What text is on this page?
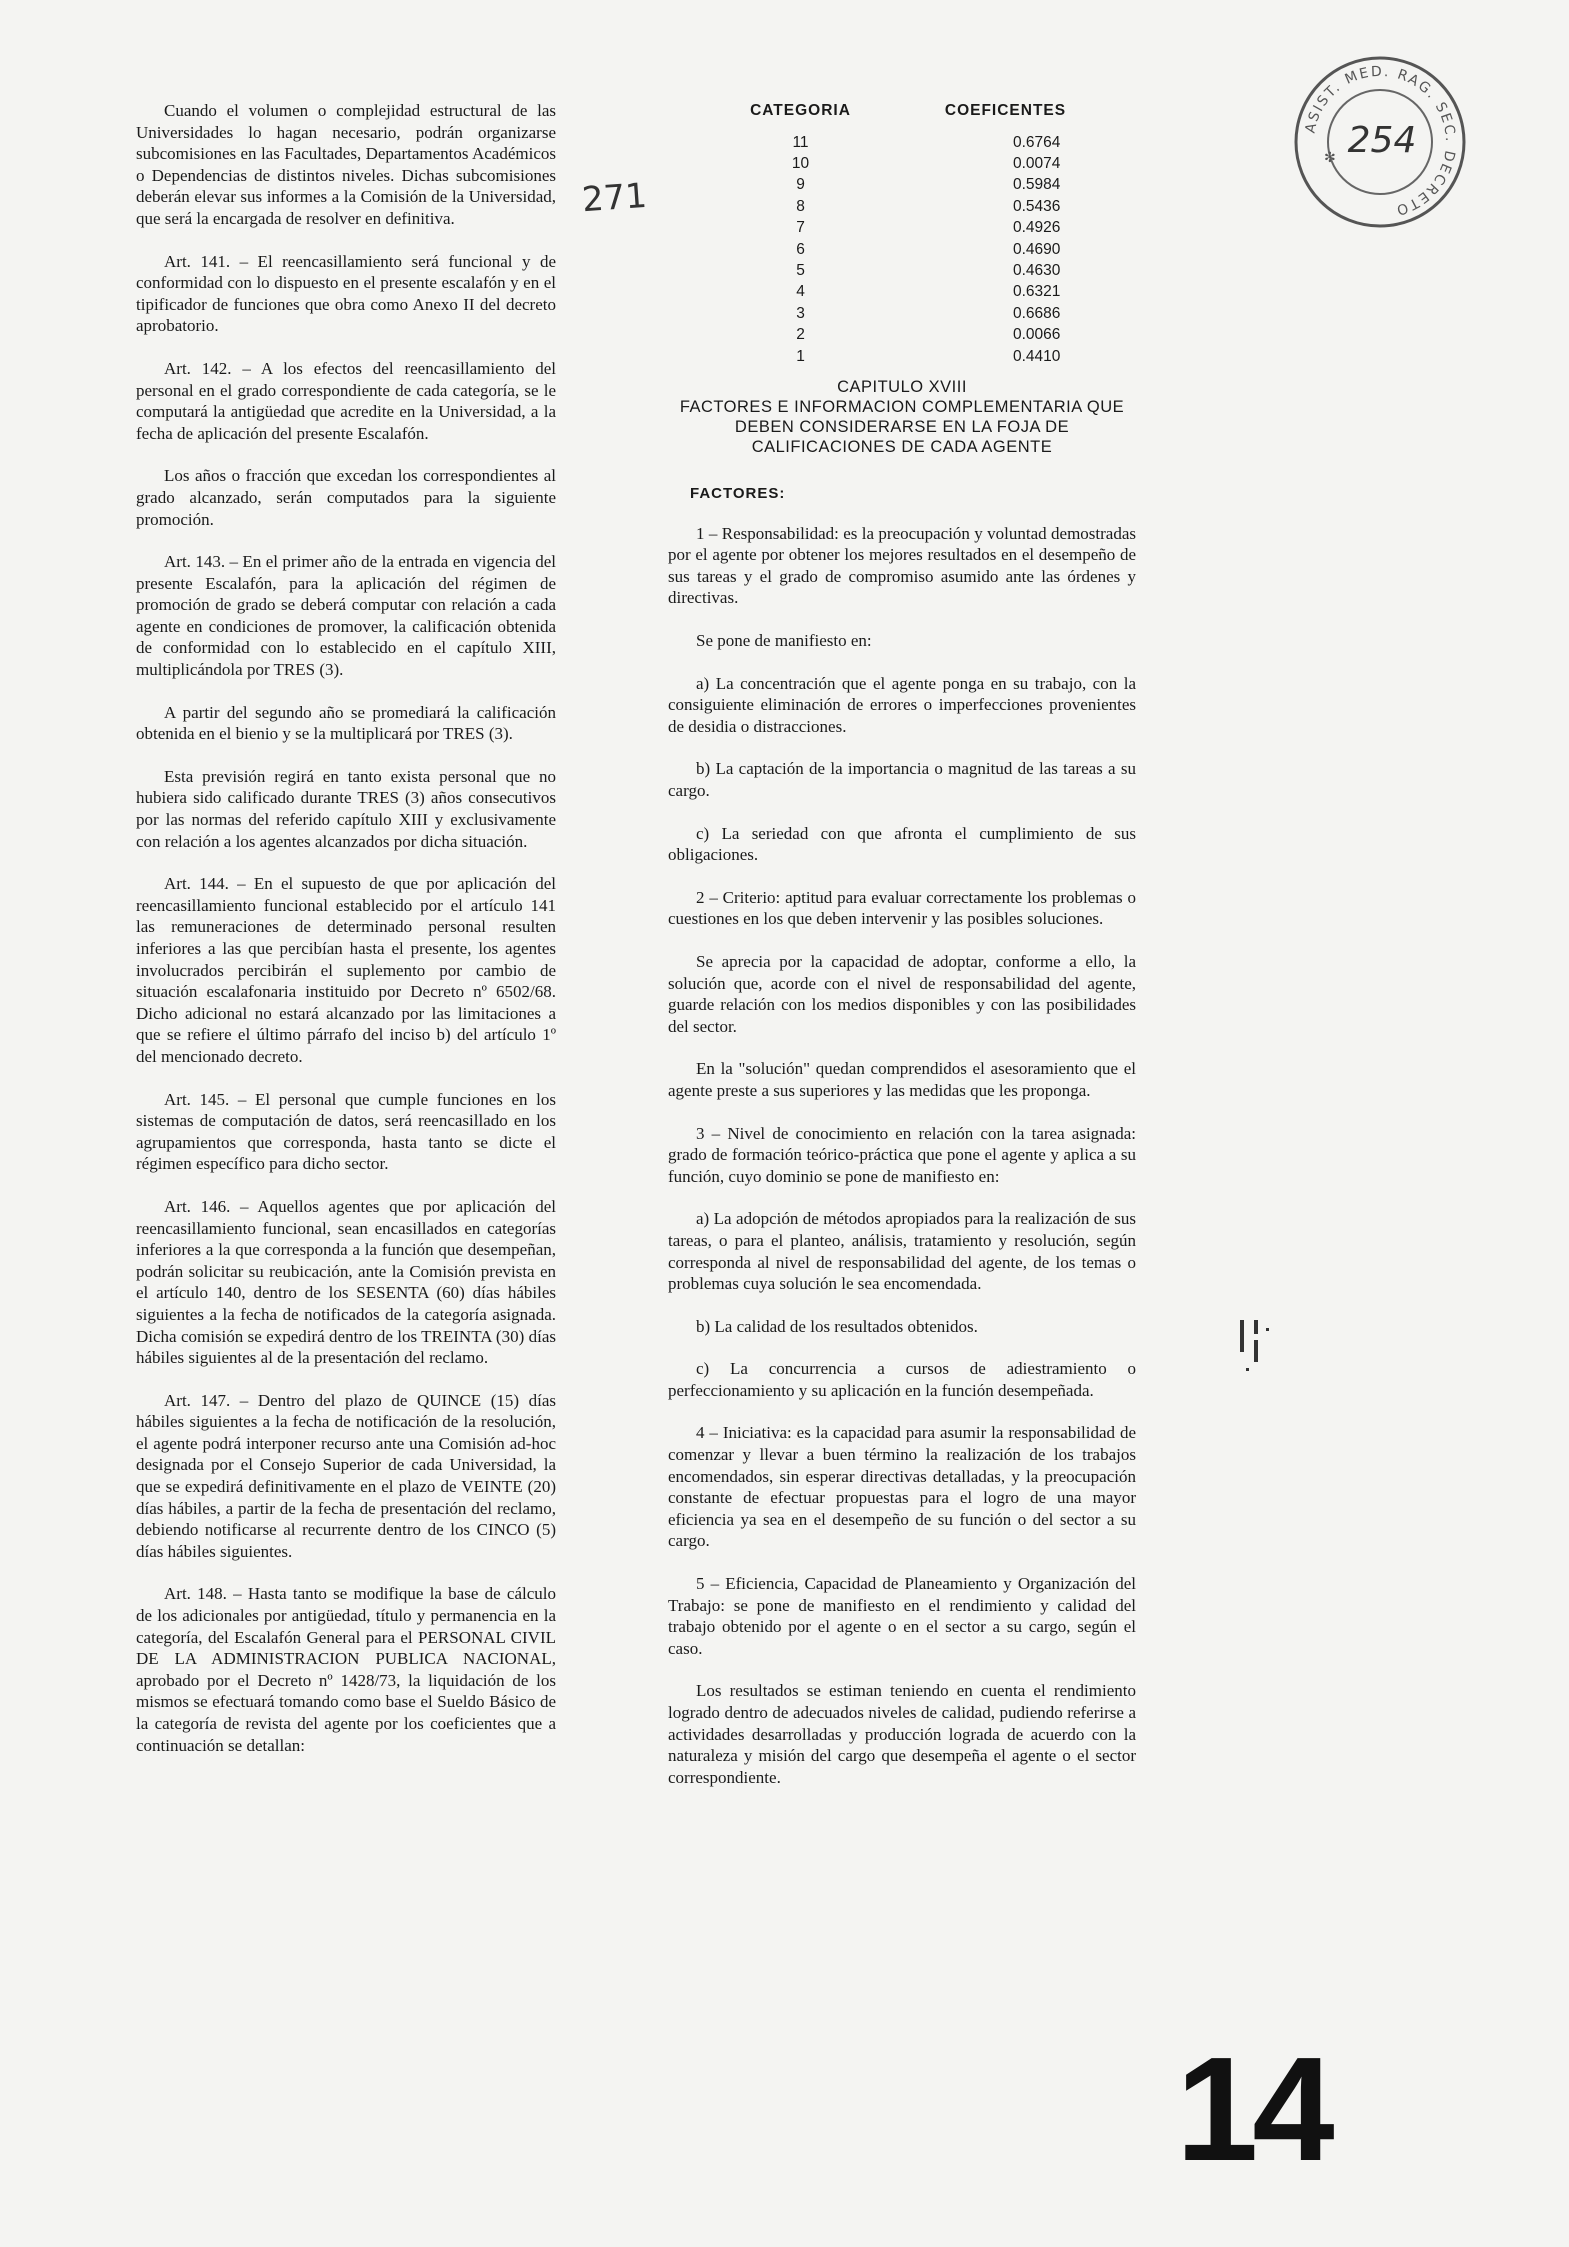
Cuando el volumen o complejidad estructural de las Universidades lo hagan necesario, podrán organizarse subcomisiones en las Facultades, Departamentos Académicos o Dependencias de distintos niveles. Dichas subcomisiones deberán elevar sus informes a la Comisión de la Universidad, que será la encargada de resolver en definitiva.

Art. 141. – El reencasillamiento será funcional y de conformidad con lo dispuesto en el presente escalafón y en el tipificador de funciones que obra como Anexo II del decreto aprobatorio.

Art. 142. – A los efectos del reencasillamiento del personal en el grado correspondiente de cada categoría, se le computará la antigüedad que acredite en la Universidad, a la fecha de aplicación del presente Escalafón.

Los años o fracción que excedan los correspondientes al grado alcanzado, serán computados para la siguiente promoción.

Art. 143. – En el primer año de la entrada en vigencia del presente Escalafón, para la aplicación del régimen de promoción de grado se deberá computar con relación a cada agente en condiciones de promover, la calificación obtenida de conformidad con lo establecido en el capítulo XIII, multiplicándola por TRES (3).

A partir del segundo año se promediará la calificación obtenida en el bienio y se la multiplicará por TRES (3).

Esta previsión regirá en tanto exista personal que no hubiera sido calificado durante TRES (3) años consecutivos por las normas del referido capítulo XIII y exclusivamente con relación a los agentes alcanzados por dicha situación.

Art. 144. – En el supuesto de que por aplicación del reencasillamiento funcional establecido por el artículo 141 las remuneraciones de determinado personal resulten inferiores a las que percibían hasta el presente, los agentes involucrados percibirán el suplemento por cambio de situación escalafonaria instituido por Decreto nº 6502/68. Dicho adicional no estará alcanzado por las limitaciones a que se refiere el último párrafo del inciso b) del artículo 1º del mencionado decreto.

Art. 145. – El personal que cumple funciones en los sistemas de computación de datos, será reencasillado en los agrupamientos que corresponda, hasta tanto se dicte el régimen específico para dicho sector.

Art. 146. – Aquellos agentes que por aplicación del reencasillamiento funcional, sean encasillados en categorías inferiores a la que corresponda a la función que desempeñan, podrán solicitar su reubicación, ante la Comisión prevista en el artículo 140, dentro de los SESENTA (60) días hábiles siguientes a la fecha de notificados de la categoría asignada. Dicha comisión se expedirá dentro de los TREINTA (30) días hábiles siguientes al de la presentación del reclamo.

Art. 147. – Dentro del plazo de QUINCE (15) días hábiles siguientes a la fecha de notificación de la resolución, el agente podrá interponer recurso ante una Comisión ad-hoc designada por el Consejo Superior de cada Universidad, la que se expedirá definitivamente en el plazo de VEINTE (20) días hábiles, a partir de la fecha de presentación del reclamo, debiendo notificarse al recurrente dentro de los CINCO (5) días hábiles siguientes.

Art. 148. – Hasta tanto se modifique la base de cálculo de los adicionales por antigüedad, título y permanencia en la categoría, del Escalafón General para el PERSONAL CIVIL DE LA ADMINISTRACION PUBLICA NACIONAL, aprobado por el Decreto nº 1428/73, la liquidación de los mismos se efectuará tomando como base el Sueldo Básico de la categoría de revista del agente por los coeficientes que a continuación se detallan:

CATEGORIA	COEFICENTES
11	0.6764
10	0.0074
9	0.5984
8	0.5436
7	0.4926
6	0.4690
5	0.4630
4	0.6321
3	0.6686
2	0.0066
1	0.4410
CAPITULO XVIII
FACTORES E INFORMACION COMPLEMENTARIA QUE DEBEN CONSIDERARSE EN LA FOJA DE CALIFICACIONES DE CADA AGENTE
FACTORES:

1 – Responsabilidad: es la preocupación y voluntad demostradas por el agente por obtener los mejores resultados en el desempeño de sus tareas y el grado de compromiso asumido ante las órdenes y directivas.

Se pone de manifiesto en:

a) La concentración que el agente ponga en su trabajo, con la consiguiente eliminación de errores o imperfecciones provenientes de desidia o distracciones.

b) La captación de la importancia o magnitud de las tareas a su cargo.

c) La seriedad con que afronta el cumplimiento de sus obligaciones.

2 – Criterio: aptitud para evaluar correctamente los problemas o cuestiones en los que deben intervenir y las posibles soluciones.

Se aprecia por la capacidad de adoptar, conforme a ello, la solución que, acorde con el nivel de responsabilidad del agente, guarde relación con los medios disponibles y con las posibilidades del sector.

En la "solución" quedan comprendidos el asesoramiento que el agente preste a sus superiores y las medidas que les proponga.

3 – Nivel de conocimiento en relación con la tarea asignada: grado de formación teórico-práctica que pone el agente y aplica a su función, cuyo dominio se pone de manifiesto en:

a) La adopción de métodos apropiados para la realización de sus tareas, o para el planteo, análisis, tratamiento y resolución, según corresponda al nivel de responsabilidad del agente, de los temas o problemas cuya solución le sea encomendada.

b) La calidad de los resultados obtenidos.

c) La concurrencia a cursos de adiestramiento o perfeccionamiento y su aplicación en la función desempeñada.

4 – Iniciativa: es la capacidad para asumir la responsabilidad de comenzar y llevar a buen término la realización de los trabajos encomendados, sin esperar directivas detalladas, y la preocupación constante de efectuar propuestas para el logro de una mayor eficiencia ya sea en el desempeño de su función o del sector a su cargo.

5 – Eficiencia, Capacidad de Planeamiento y Organización del Trabajo: se pone de manifiesto en el rendimiento y calidad del trabajo obtenido por el agente o en el sector a su cargo, según el caso.

Los resultados se estiman teniendo en cuenta el rendimiento logrado dentro de adecuados niveles de calidad, pudiendo referirse a actividades desarrolladas y producción lograda de acuerdo con la naturaleza y misión del cargo que desempeña el agente o el sector correspondiente.

271
ASIST. MED. RAG. SEC. DECRETO
✻ 254
14
